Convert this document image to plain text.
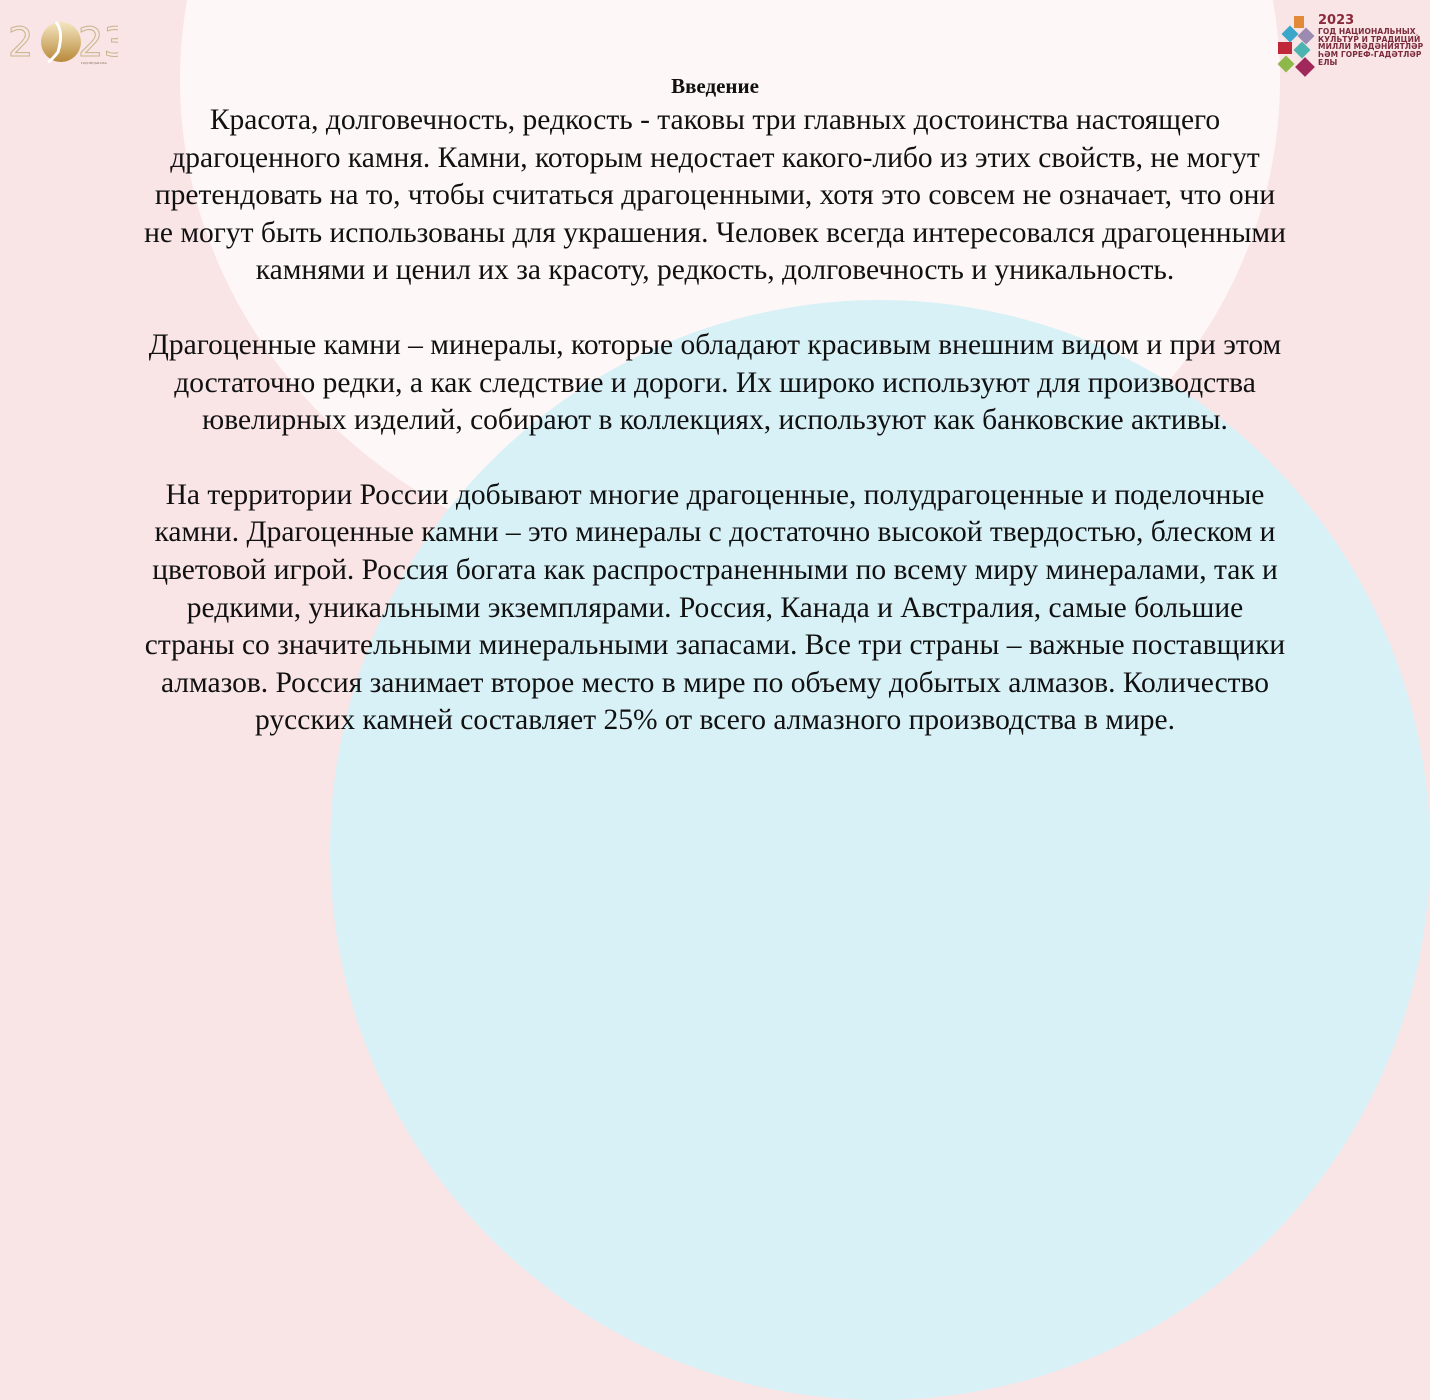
2 23
ГОД ПЕДАГОГА
2023
ГОД НАЦИОНАЛЬНЫХ
КУЛЬТУР И ТРАДИЦИЙ
МИЛЛИ МӘДӘНИЯТЛӘР
ҺӘМ ГОРЕФ-ГАДӘТЛӘР ЕЛЫ
Введение
Красота, долговечность, редкость - таковы три главных достоинства настоящего
драгоценного камня. Камни, которым недостает какого-либо из этих свойств, не могут
претендовать на то, чтобы считаться драгоценными, хотя это совсем не означает, что они
не могут быть использованы для украшения. Человек всегда интересовался драгоценными
камнями и ценил их за красоту, редкость, долговечность и уникальность.
Драгоценные камни – минералы, которые обладают красивым внешним видом и при этом
достаточно редки, а как следствие и дороги. Их широко используют для производства
ювелирных изделий, собирают в коллекциях, используют как банковские активы.
На территории России добывают многие драгоценные, полудрагоценные и поделочные
камни. Драгоценные камни – это минералы с достаточно высокой твердостью, блеском и
цветовой игрой. Россия богата как распространенными по всему миру минералами, так и
редкими, уникальными экземплярами. Россия, Канада и Австралия, самые большие
страны со значительными минеральными запасами. Все три страны – важные поставщики
алмазов. Россия занимает второе место в мире по объему добытых алмазов. Количество
русских камней составляет 25% от всего алмазного производства в мире.
